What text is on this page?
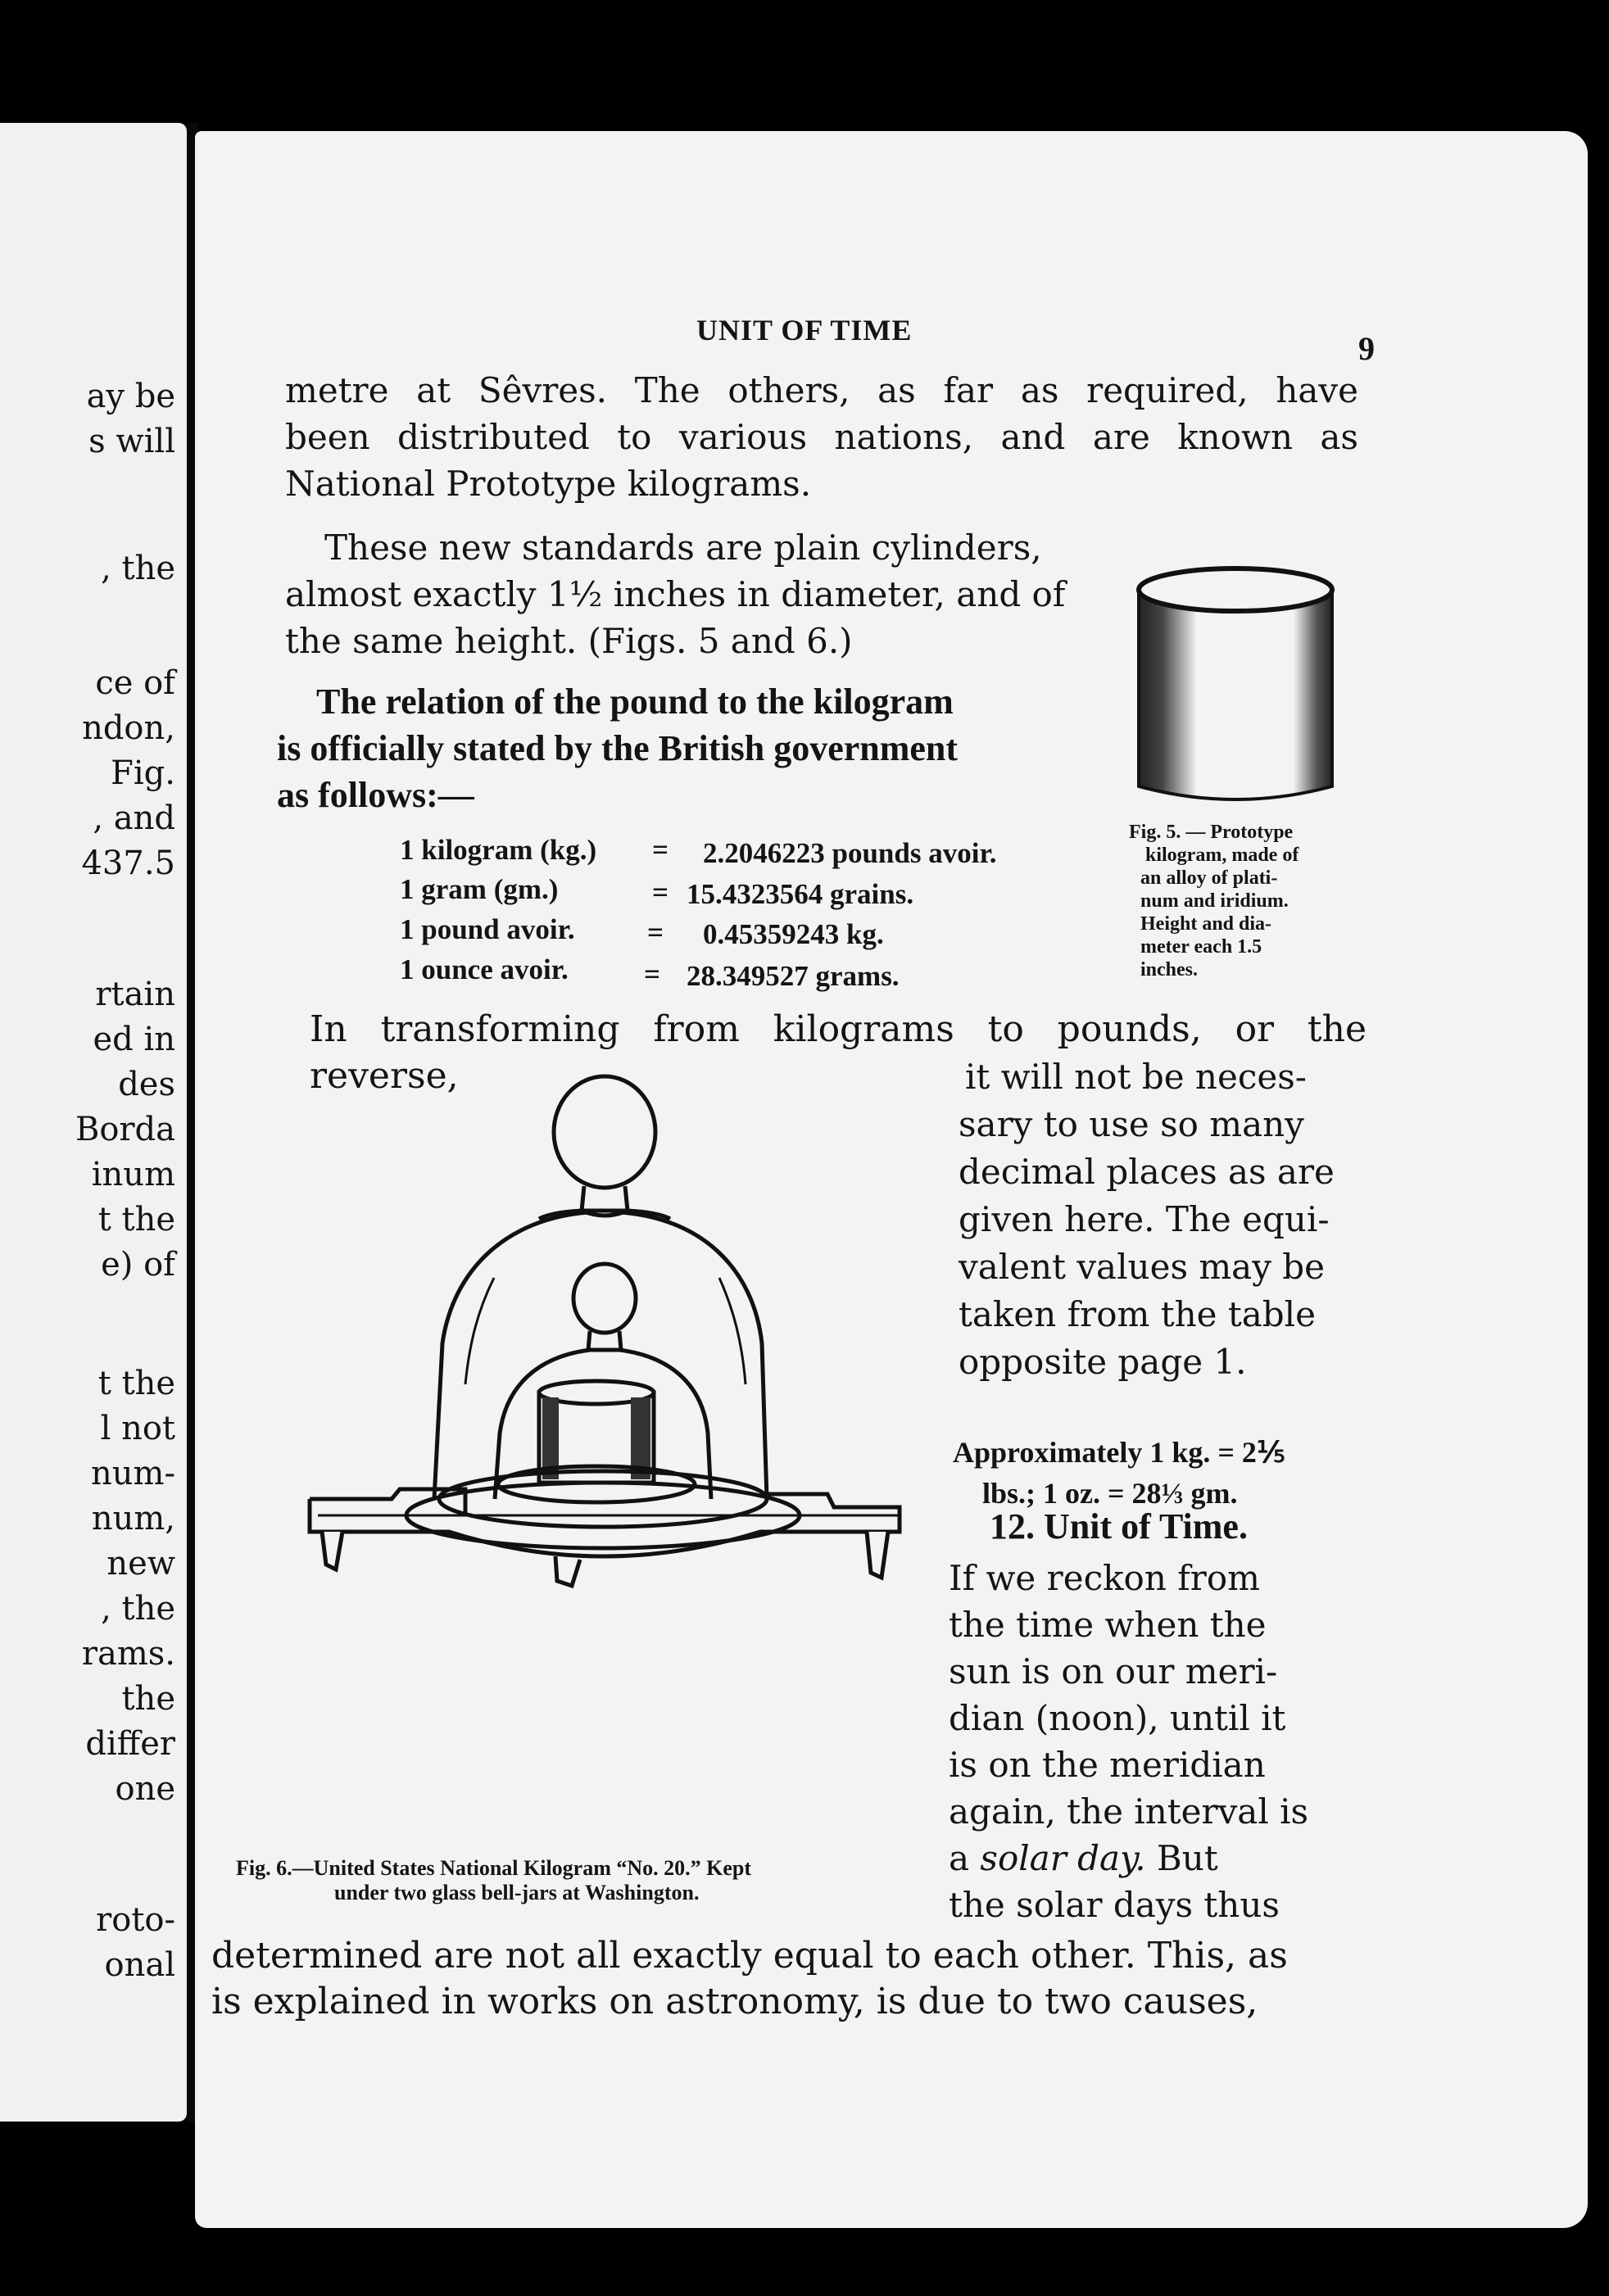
ay be
s will
, the
ce of
ndon,
Fig.
, and
437.5
rtain
ed in
des
Borda
inum
t the
e) of
t the
l not
num-
num,
new
, the
rams.
the
differ
one
roto-
onal
UNIT OF TIME	9
metre at Sêvres. The others, as far as required, have
been distributed to various nations, and are known as
National Prototype kilograms.
These new standards are plain cylinders,
almost exactly 1½ inches in diameter, and of
the same height. (Figs. 5 and 6.)
The relation of the pound to the kilogram
is officially stated by the British government
as follows:—
1 kilogram (kg.) = 2.2046223 pounds avoir.
1 gram (gm.)	= 15.4323564 grains.
1 pound avoir.	= 0.45359243 kg.
1 ounce avoir.	= 28.349527 grams.
Fig. 5. — Prototype
kilogram, made of
an alloy of plati-
num and iridium.
Height and dia-
meter each 1.5
inches.
In transforming from kilograms to pounds, or the reverse,	it will not be neces-
sary to use so many
decimal places as are
given here. The equi-
valent values may be
taken from the table
opposite page 1.
Approximately 1 kg. = 2⅕
lbs.; 1 oz. = 28⅓ gm.
12. Unit of Time.
If we reckon from
the time when the
sun is on our meri-
dian (noon), until it
is on the meridian
again, the interval is
a solar day. But
the solar days thus
Fig. 6.—United States National Kilogram “No. 20.” Kept
under two glass bell-jars at Washington.
determined are not all exactly equal to each other. This, as
is explained in works on astronomy, is due to two causes,
